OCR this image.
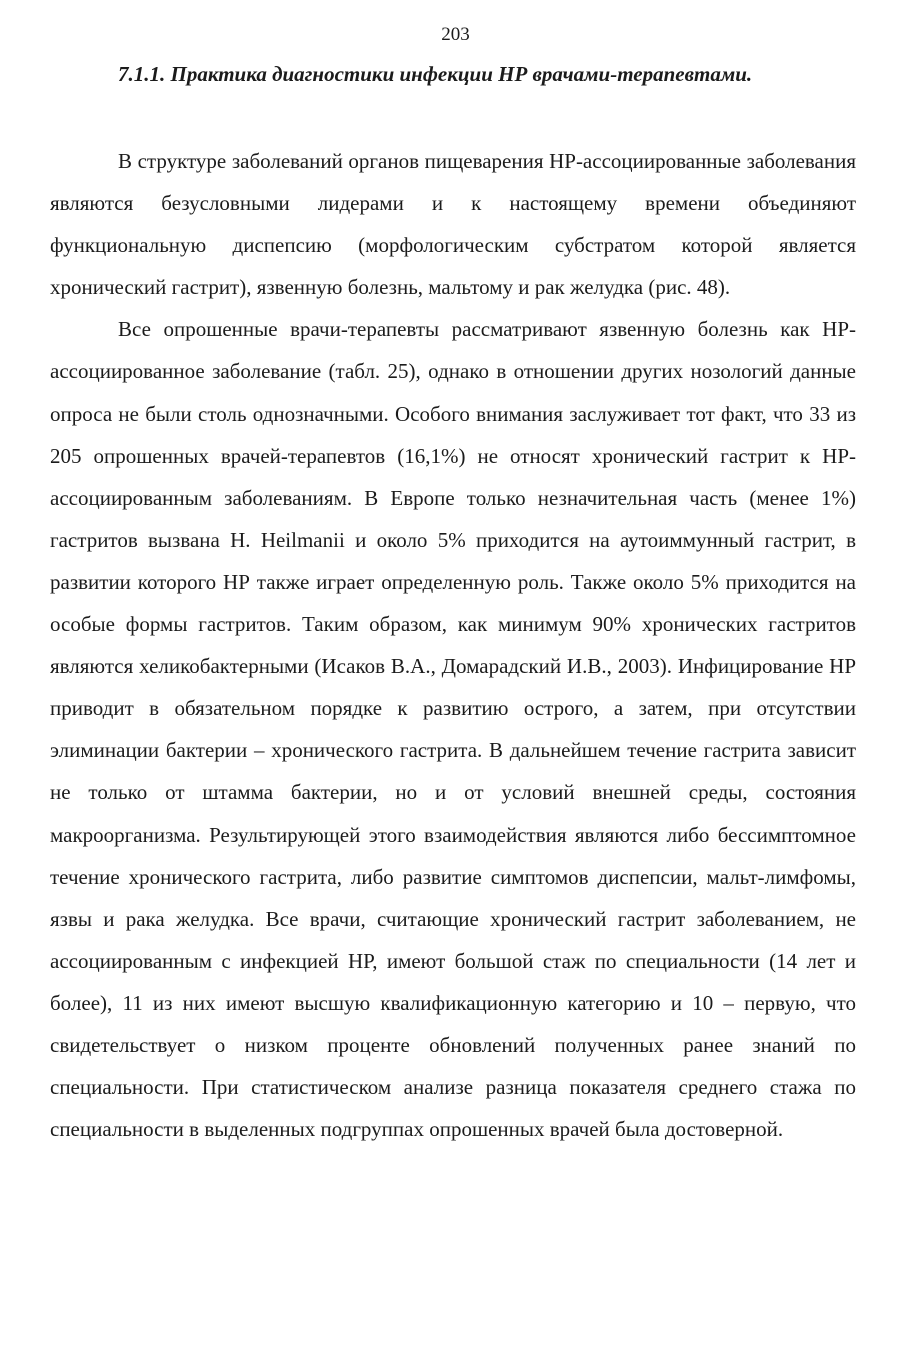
203
7.1.1. Практика диагностики инфекции НР врачами-терапевтами.

В структуре заболеваний органов пищеварения НР-ассоциированные заболевания являются безусловными лидерами и к настоящему времени объединяют функциональную диспепсию (морфологическим субстратом которой является хронический гастрит), язвенную болезнь, мальтому и рак желудка (рис. 48).

Все опрошенные врачи-терапевты рассматривают язвенную болезнь как НР-ассоциированное заболевание (табл. 25), однако в отношении других нозологий данные опроса не были столь однозначными. Особого внимания заслуживает тот факт, что 33 из 205 опрошенных врачей-терапевтов (16,1%) не относят хронический гастрит к НР-ассоциированным заболеваниям. В Европе только незначительная часть (менее 1%) гастритов вызвана H. Heilmanii и около 5% приходится на аутоиммунный гастрит, в развитии которого НР также играет определенную роль. Также около 5% приходится на особые формы гастритов. Таким образом, как минимум 90% хронических гастритов являются хеликобактерными (Исаков В.А., Домарадский И.В., 2003). Инфицирование НР приводит в обязательном порядке к развитию острого, а затем, при отсутствии элиминации бактерии – хронического гастрита. В дальнейшем течение гастрита зависит не только от штамма бактерии, но и от условий внешней среды, состояния макроорганизма. Результирующей этого взаимодействия являются либо бессимптомное течение хронического гастрита, либо развитие симптомов диспепсии, мальт-лимфомы, язвы и рака желудка. Все врачи, считающие хронический гастрит заболеванием, не ассоциированным с инфекцией НР, имеют большой стаж по специальности (14 лет и более), 11 из них имеют высшую квалификационную категорию и 10 – первую, что свидетельствует о низком проценте обновлений полученных ранее знаний по специальности. При статистическом анализе разница показателя среднего стажа по специальности в выделенных подгруппах опрошенных врачей была достоверной.
